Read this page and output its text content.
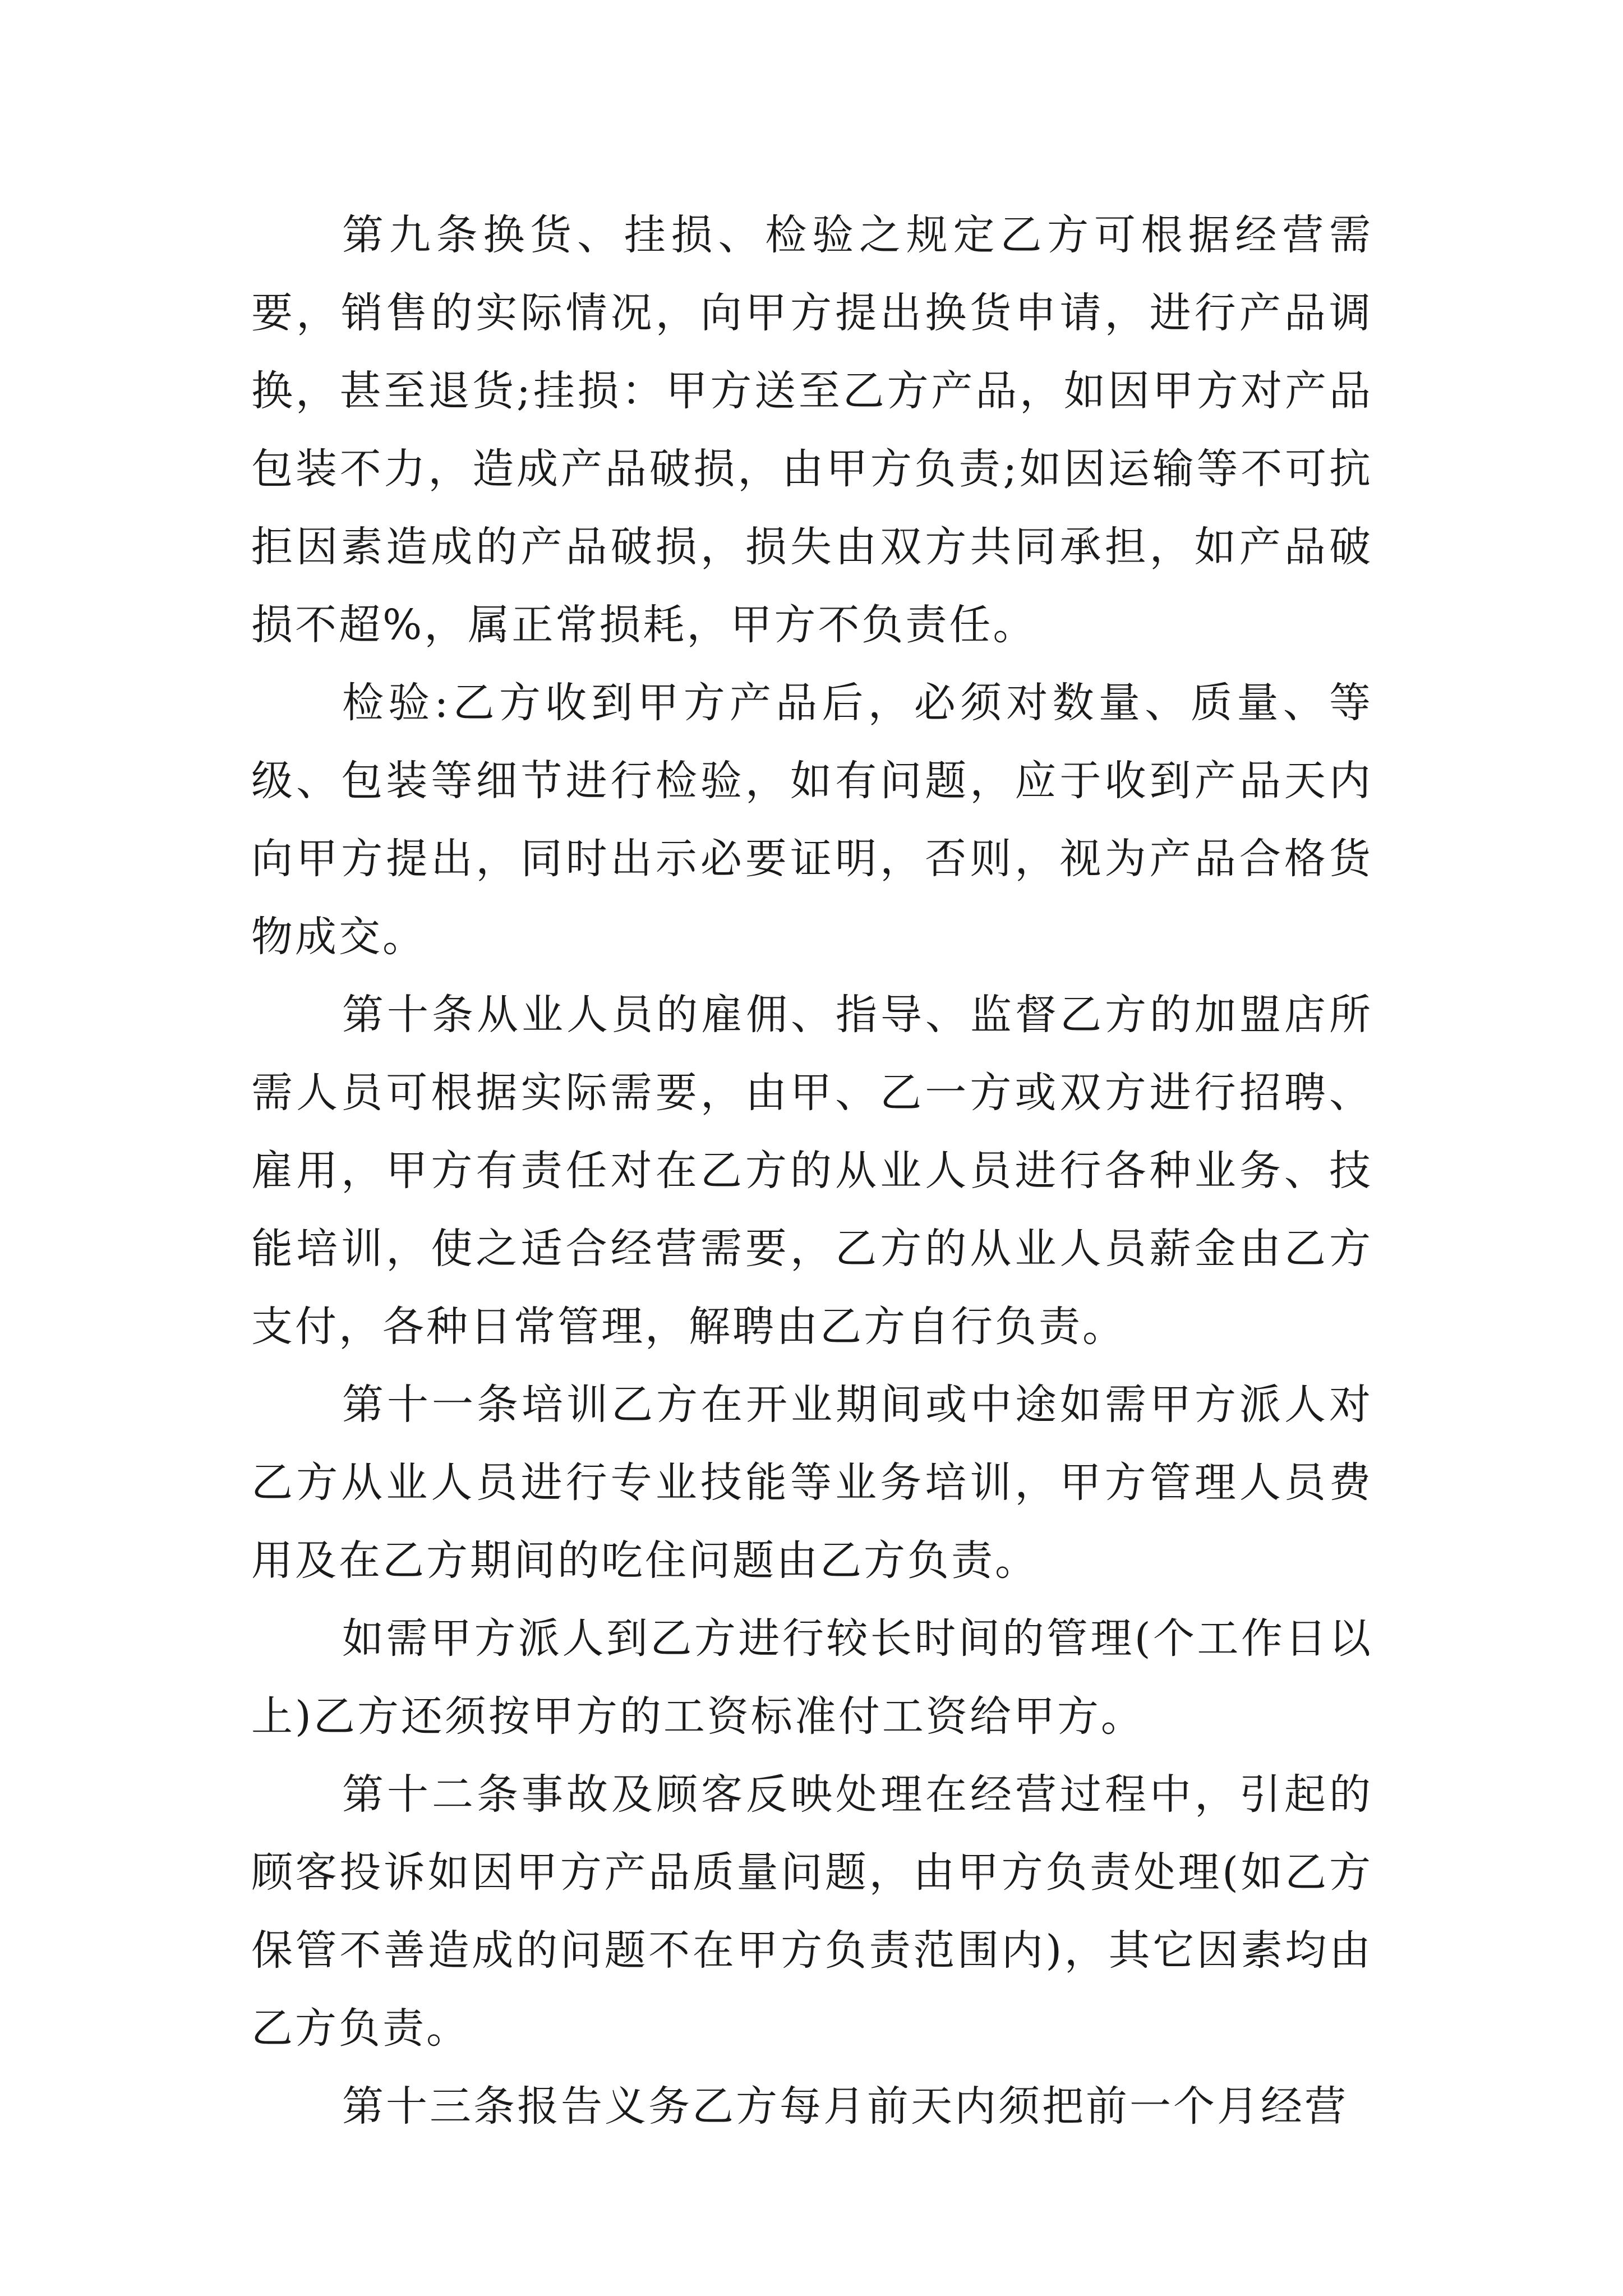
第九条换货、挂损、检验之规定乙方可根据经营需要，销售的实际情况，向甲方提出换货申请，进行产品调换，甚至退货;挂损：甲方送至乙方产品，如因甲方对产品包装不力，造成产品破损，由甲方负责;如因运输等不可抗拒因素造成的产品破损，损失由双方共同承担，如产品破损不超%，属正常损耗，甲方不负责任。

检验:乙方收到甲方产品后，必须对数量、质量、等级、包装等细节进行检验，如有问题，应于收到产品天内向甲方提出，同时出示必要证明，否则，视为产品合格货物成交。

第十条从业人员的雇佣、指导、监督乙方的加盟店所需人员可根据实际需要，由甲、乙一方或双方进行招聘、雇用，甲方有责任对在乙方的从业人员进行各种业务、技能培训，使之适合经营需要，乙方的从业人员薪金由乙方支付，各种日常管理，解聘由乙方自行负责。

第十一条培训乙方在开业期间或中途如需甲方派人对乙方从业人员进行专业技能等业务培训，甲方管理人员费用及在乙方期间的吃住问题由乙方负责。

如需甲方派人到乙方进行较长时间的管理(个工作日以上)乙方还须按甲方的工资标准付工资给甲方。

第十二条事故及顾客反映处理在经营过程中，引起的顾客投诉如因甲方产品质量问题，由甲方负责处理(如乙方保管不善造成的问题不在甲方负责范围内)，其它因素均由乙方负责。

第十三条报告义务乙方每月前天内须把前一个月经营
